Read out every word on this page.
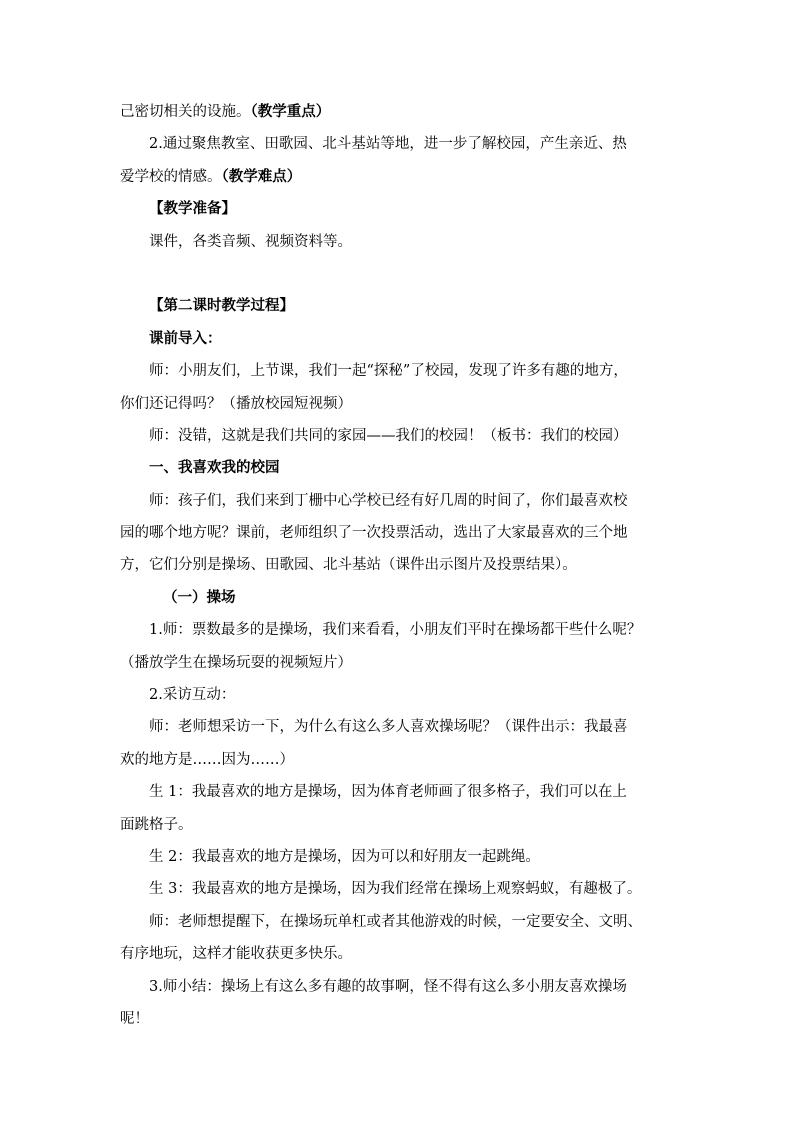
己密切相关的设施。（教学重点）
2.通过聚焦教室、田歌园、北斗基站等地，进一步了解校园，产生亲近、热
爱学校的情感。（教学难点）
【教学准备】
课件，各类音频、视频资料等。
【第二课时教学过程】
课前导入：
师：小朋友们，上节课，我们一起“探秘”了校园，发现了许多有趣的地方，
你们还记得吗？（播放校园短视频）
师：没错，这就是我们共同的家园——我们的校园！（板书：我们的校园）
一、我喜欢我的校园
师：孩子们，我们来到丁栅中心学校已经有好几周的时间了，你们最喜欢校
园的哪个地方呢？课前，老师组织了一次投票活动，选出了大家最喜欢的三个地
方，它们分别是操场、田歌园、北斗基站（课件出示图片及投票结果）。
（一）操场
1.师：票数最多的是操场，我们来看看，小朋友们平时在操场都干些什么呢？
（播放学生在操场玩耍的视频短片）
2.采访互动：
师：老师想采访一下，为什么有这么多人喜欢操场呢？（课件出示：我最喜
欢的地方是……因为……）
生 1：我最喜欢的地方是操场，因为体育老师画了很多格子，我们可以在上
面跳格子。
生 2：我最喜欢的地方是操场，因为可以和好朋友一起跳绳。
生 3：我最喜欢的地方是操场，因为我们经常在操场上观察蚂蚁，有趣极了。
师：老师想提醒下，在操场玩单杠或者其他游戏的时候，一定要安全、文明、
有序地玩，这样才能收获更多快乐。
3.师小结：操场上有这么多有趣的故事啊，怪不得有这么多小朋友喜欢操场
呢！
